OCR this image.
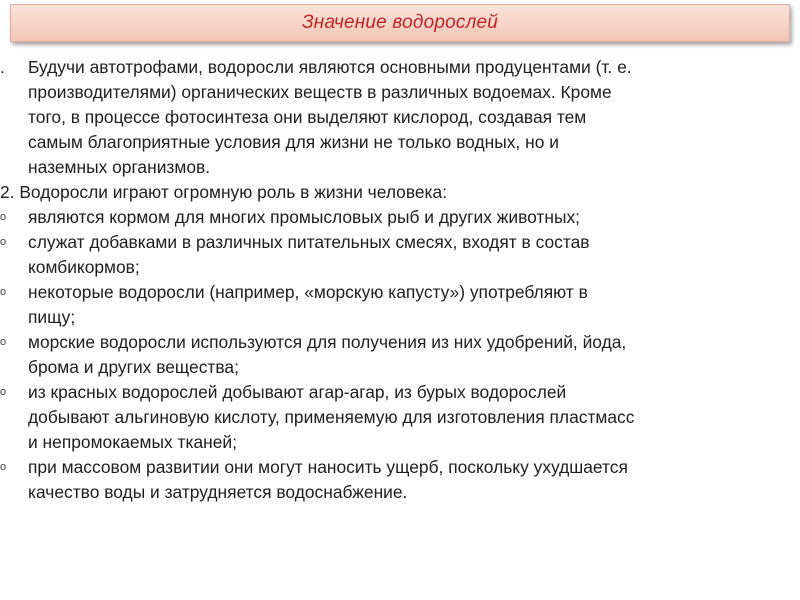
Значение водорослей
. Будучи автотрофами, водоросли являются основными продуцентами (т. е.
производителями) органических веществ в различных водоемах. Кроме
того, в процессе фотосинтеза они выделяют кислород, создавая тем
самым благоприятные условия для жизни не только водных, но и
наземных организмов.
2. Водоросли играют огромную роль в жизни человека:
o являются кормом для многих промысловых рыб и других животных;
o служат добавками в различных питательных смесях, входят в состав
комбикормов;
o некоторые водоросли (например, «морскую капусту») употребляют в
пищу;
o морские водоросли используются для получения из них удобрений, йода,
брома и других вещества;
o из красных водорослей добывают агар-агар, из бурых водорослей
добывают альгиновую кислоту, применяемую для изготовления пластмасс
и непромокаемых тканей;
o при массовом развитии они могут наносить ущерб, поскольку ухудшается
качество воды и затрудняется водоснабжение.
